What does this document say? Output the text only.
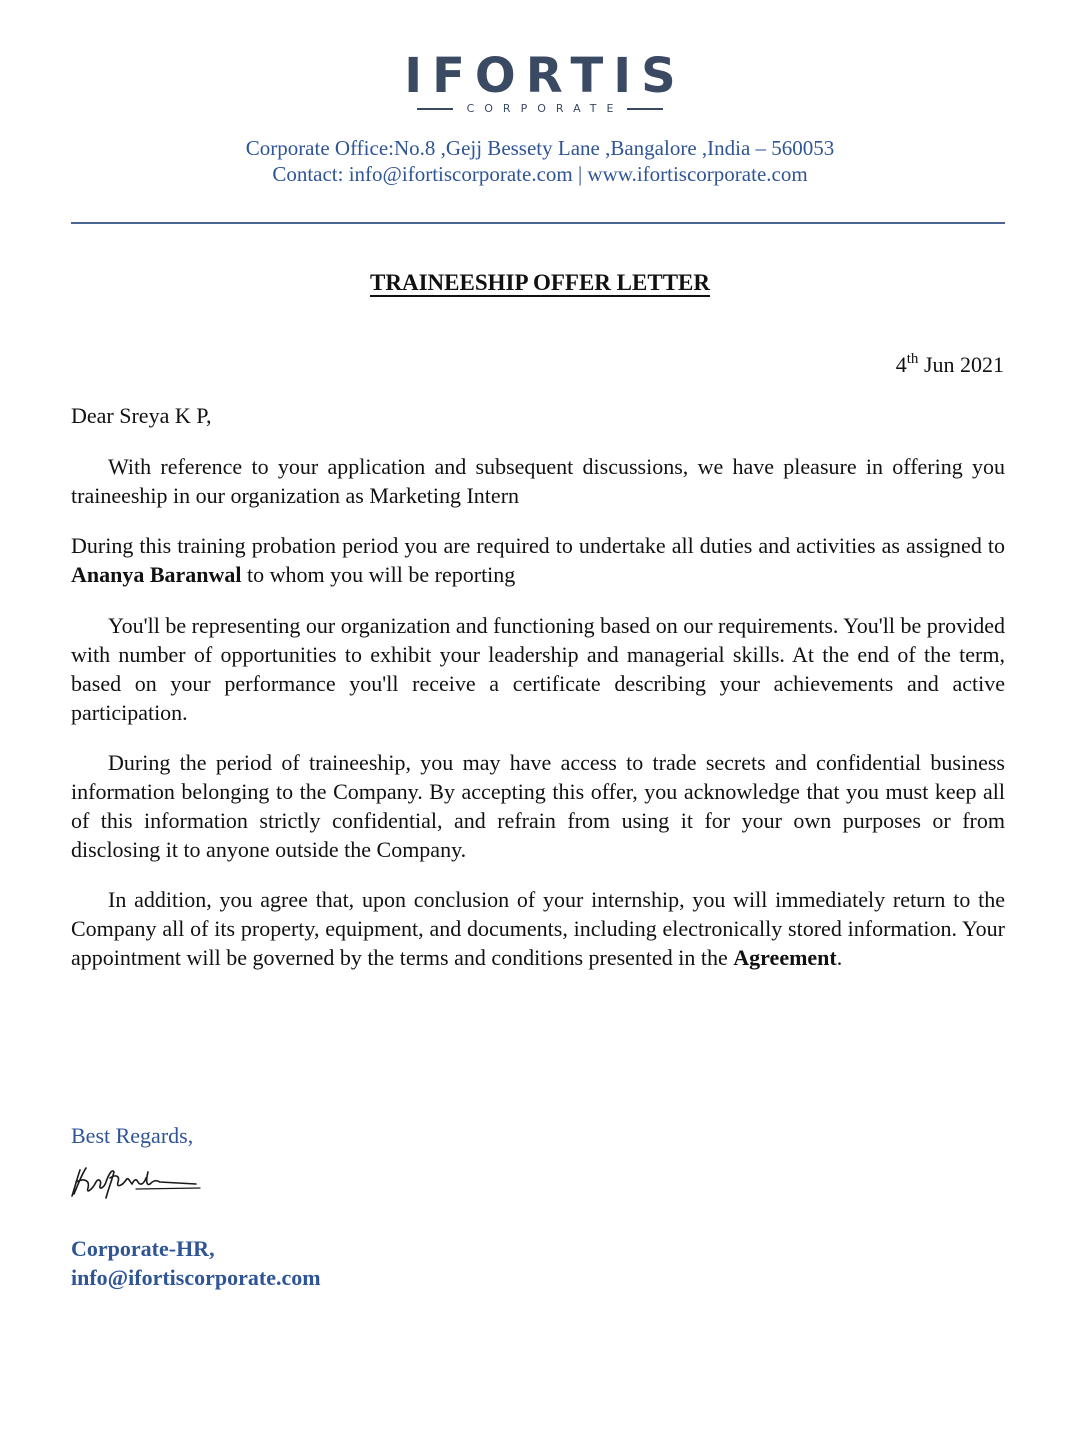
IFORTIS
CORPORATE
Corporate Office:No.8 ,Gejj Bessety Lane ,Bangalore ,India – 560053
Contact: info@ifortiscorporate.com | www.ifortiscorporate.com
TRAINEESHIP OFFER LETTER
4th Jun 2021
Dear Sreya K P,

With reference to your application and subsequent discussions, we have pleasure in offering you traineeship in our organization as Marketing Intern

During this training probation period you are required to undertake all duties and activities as assigned to Ananya Baranwal to whom you will be reporting

You'll be representing our organization and functioning based on our requirements. You'll be provided with number of opportunities to exhibit your leadership and managerial skills. At the end of the term, based on your performance you'll receive a certificate describing your achievements and active participation.

During the period of traineeship, you may have access to trade secrets and confidential business information belonging to the Company. By accepting this offer, you acknowledge that you must keep all of this information strictly confidential, and refrain from using it for your own purposes or from disclosing it to anyone outside the Company.

In addition, you agree that, upon conclusion of your internship, you will immediately return to the Company all of its property, equipment, and documents, including electronically stored information. Your appointment will be governed by the terms and conditions presented in the Agreement.

Best Regards,
Corporate-HR,
info@ifortiscorporate.com
